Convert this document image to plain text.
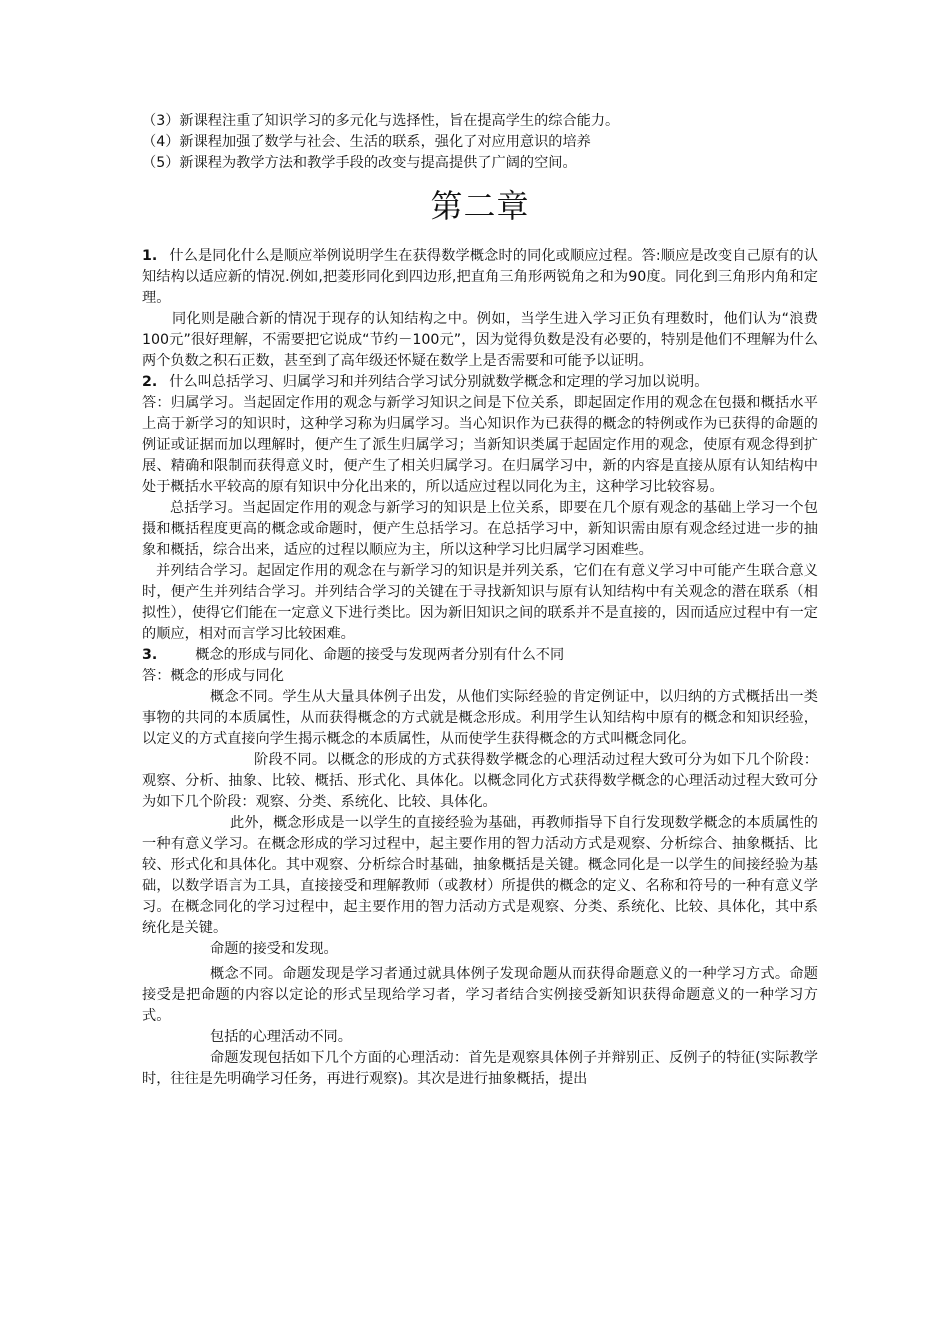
（3）新课程注重了知识学习的多元化与选择性，旨在提高学生的综合能力。

（4）新课程加强了数学与社会、生活的联系，强化了对应用意识的培养

（5）新课程为教学方法和教学手段的改变与提高提供了广阔的空间。

第二章

1. 什么是同化什么是顺应举例说明学生在获得数学概念时的同化或顺应过程。答:顺应是改变自己原有的认知结构以适应新的情况.例如,把菱形同化到四边形,把直角三角形两锐角之和为90度。同化到三角形内角和定理。

同化则是融合新的情况于现存的认知结构之中。例如，当学生进入学习正负有理数时，他们认为“浪费100元”很好理解，不需要把它说成“节约－100元”，因为觉得负数是没有必要的，特别是他们不理解为什么两个负数之积石正数，甚至到了高年级还怀疑在数学上是否需要和可能予以证明。

2. 什么叫总括学习、归属学习和并列结合学习试分别就数学概念和定理的学习加以说明。

答：归属学习。当起固定作用的观念与新学习知识之间是下位关系，即起固定作用的观念在包摄和概括水平上高于新学习的知识时，这种学习称为归属学习。当心知识作为已获得的概念的特例或作为已获得的命题的例证或证据而加以理解时，便产生了派生归属学习；当新知识类属于起固定作用的观念，使原有观念得到扩展、精确和限制而获得意义时，便产生了相关归属学习。在归属学习中，新的内容是直接从原有认知结构中处于概括水平较高的原有知识中分化出来的，所以适应过程以同化为主，这种学习比较容易。

总括学习。当起固定作用的观念与新学习的知识是上位关系，即要在几个原有观念的基础上学习一个包摄和概括程度更高的概念或命题时，便产生总括学习。在总括学习中，新知识需由原有观念经过进一步的抽象和概括，综合出来，适应的过程以顺应为主，所以这种学习比归属学习困难些。

并列结合学习。起固定作用的观念在与新学习的知识是并列关系，它们在有意义学习中可能产生联合意义时，便产生并列结合学习。并列结合学习的关键在于寻找新知识与原有认知结构中有关观念的潜在联系（相拟性），使得它们能在一定意义下进行类比。因为新旧知识之间的联系并不是直接的，因而适应过程中有一定的顺应，相对而言学习比较困难。

3.	概念的形成与同化、命题的接受与发现两者分别有什么不同

答：概念的形成与同化

概念不同。学生从大量具体例子出发，从他们实际经验的肯定例证中，以归纳的方式概括出一类事物的共同的本质属性，从而获得概念的方式就是概念形成。利用学生认知结构中原有的概念和知识经验，以定义的方式直接向学生揭示概念的本质属性，从而使学生获得概念的方式叫概念同化。

阶段不同。以概念的形成的方式获得数学概念的心理活动过程大致可分为如下几个阶段：观察、分析、抽象、比较、概括、形式化、具体化。以概念同化方式获得数学概念的心理活动过程大致可分为如下几个阶段：观察、分类、系统化、比较、具体化。

此外，概念形成是一以学生的直接经验为基础，再教师指导下自行发现数学概念的本质属性的一种有意义学习。在概念形成的学习过程中，起主要作用的智力活动方式是观察、分析综合、抽象概括、比较、形式化和具体化。其中观察、分析综合时基础，抽象概括是关键。概念同化是一以学生的间接经验为基础，以数学语言为工具，直接接受和理解教师（或教材）所提供的概念的定义、名称和符号的一种有意义学习。在概念同化的学习过程中，起主要作用的智力活动方式是观察、分类、系统化、比较、具体化，其中系统化是关键。

命题的接受和发现。

概念不同。命题发现是学习者通过就具体例子发现命题从而获得命题意义的一种学习方式。命题接受是把命题的内容以定论的形式呈现给学习者，学习者结合实例接受新知识获得命题意义的一种学习方式。

包括的心理活动不同。

命题发现包括如下几个方面的心理活动：首先是观察具体例子并辩别正、反例子的特征(实际教学时，往往是先明确学习任务，再进行观察)。其次是进行抽象概括，提出
